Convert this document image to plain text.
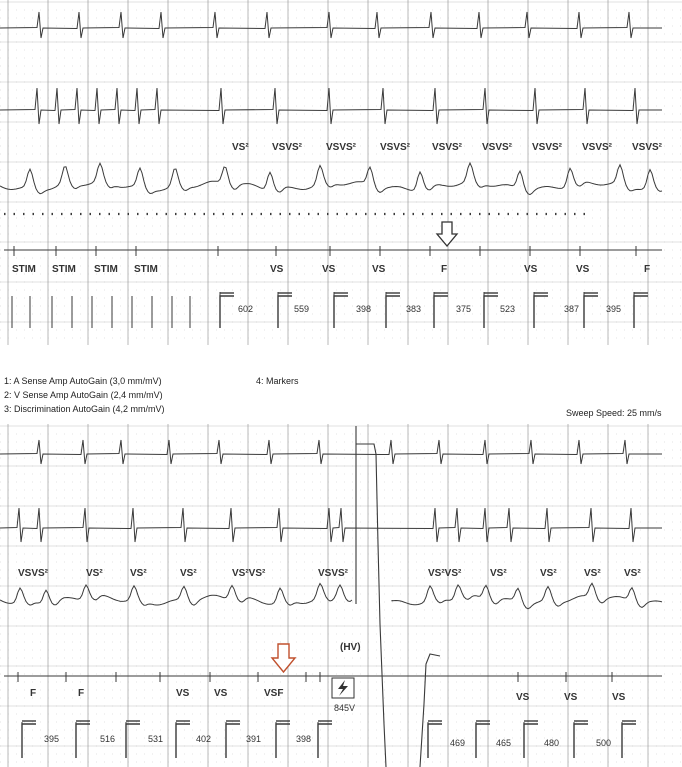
VS² VSVS² VSVS² VSVS² VSVS² VSVS² VSVS² VSVS² VSVS²
STIM STIM STIM STIM	VS	VS	VS	F	VS	VS	F
602	559	398	383	375	523	387	395
1: A Sense Amp AutoGain (3,0 mm/mV)
2: V Sense Amp AutoGain (2,4 mm/mV)
3: Discrimination AutoGain (4,2 mm/mV)
4: Markers
Sweep Speed: 25 mm/s
VSVS²	VS²	VS²	VS²	VS²VS²	VSVS²	VS²VS²	VS²	VS²	VS² VS²
(HV)
845V
F	F	VS VS	VSF	VS	VS	VS
395	516	531	402	391	398	469	465	480	500
